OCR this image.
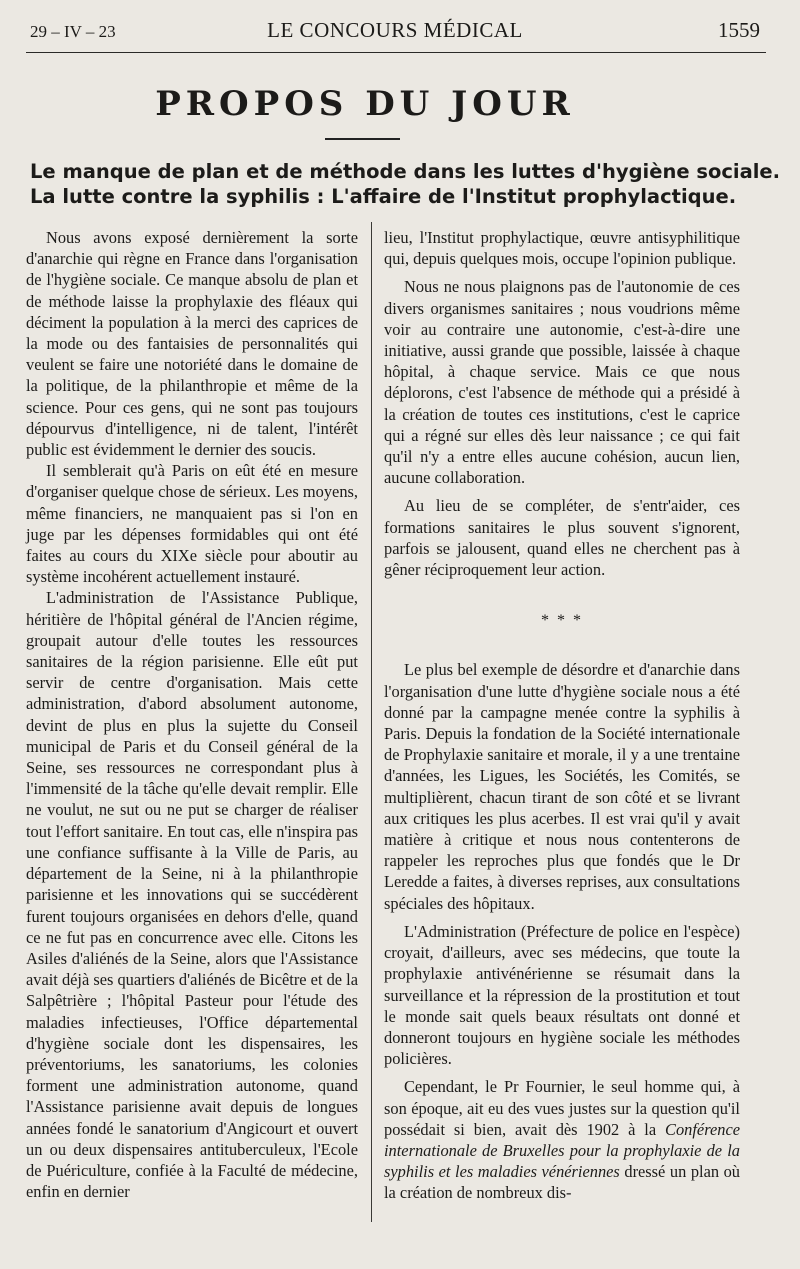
29 – IV – 23	LE CONCOURS MÉDICAL	1559
PROPOS DU JOUR
Le manque de plan et de méthode dans les luttes d'hygiène sociale.
La lutte contre la syphilis : L'affaire de l'Institut prophylactique.

Nous avons exposé dernièrement la sorte d'anarchie qui règne en France dans l'organisation de l'hygiène sociale. Ce manque absolu de plan et de méthode laisse la prophylaxie des fléaux qui déciment la population à la merci des caprices de la mode ou des fantaisies de personnalités qui veulent se faire une notoriété dans le domaine de la politique, de la philanthropie et même de la science. Pour ces gens, qui ne sont pas toujours dépourvus d'intelligence, ni de talent, l'intérêt public est évidemment le dernier des soucis.

Il semblerait qu'à Paris on eût été en mesure d'organiser quelque chose de sérieux. Les moyens, même financiers, ne manquaient pas si l'on en juge par les dépenses formidables qui ont été faites au cours du XIXe siècle pour aboutir au système incohérent actuellement instauré.

L'administration de l'Assistance Publique, héritière de l'hôpital général de l'Ancien régime, groupait autour d'elle toutes les ressources sanitaires de la région parisienne. Elle eût put servir de centre d'organisation. Mais cette administration, d'abord absolument autonome, devint de plus en plus la sujette du Conseil municipal de Paris et du Conseil général de la Seine, ses ressources ne correspondant plus à l'immensité de la tâche qu'elle devait remplir. Elle ne voulut, ne sut ou ne put se charger de réaliser tout l'effort sanitaire. En tout cas, elle n'inspira pas une confiance suffisante à la Ville de Paris, au département de la Seine, ni à la philanthropie parisienne et les innovations qui se succédèrent furent toujours organisées en dehors d'elle, quand ce ne fut pas en concurrence avec elle. Citons les Asiles d'aliénés de la Seine, alors que l'Assistance avait déjà ses quartiers d'aliénés de Bicêtre et de la Salpêtrière ; l'hôpital Pasteur pour l'étude des maladies infectieuses, l'Office départemental d'hygiène sociale dont les dispensaires, les préventoriums, les sanatoriums, les colonies forment une administration autonome, quand l'Assistance parisienne avait depuis de longues années fondé le sanatorium d'Angicourt et ouvert un ou deux dispensaires antituberculeux, l'Ecole de Puériculture, confiée à la Faculté de médecine, enfin en dernier

lieu, l'Institut prophylactique, œuvre antisyphilitique qui, depuis quelques mois, occupe l'opinion publique.

Nous ne nous plaignons pas de l'autonomie de ces divers organismes sanitaires ; nous voudrions même voir au contraire une autonomie, c'est-à-dire une initiative, aussi grande que possible, laissée à chaque hôpital, à chaque service. Mais ce que nous déplorons, c'est l'absence de méthode qui a présidé à la création de toutes ces institutions, c'est le caprice qui a régné sur elles dès leur naissance ; ce qui fait qu'il n'y a entre elles aucune cohésion, aucun lien, aucune collaboration.

Au lieu de se compléter, de s'entr'aider, ces formations sanitaires le plus souvent s'ignorent, parfois se jalousent, quand elles ne cherchent pas à gêner réciproquement leur action.

* * *

Le plus bel exemple de désordre et d'anarchie dans l'organisation d'une lutte d'hygiène sociale nous a été donné par la campagne menée contre la syphilis à Paris. Depuis la fondation de la Société internationale de Prophylaxie sanitaire et morale, il y a une trentaine d'années, les Ligues, les Sociétés, les Comités, se multiplièrent, chacun tirant de son côté et se livrant aux critiques les plus acerbes. Il est vrai qu'il y avait matière à critique et nous nous contenterons de rappeler les reproches plus que fondés que le Dr Leredde a faites, à diverses reprises, aux consultations spéciales des hôpitaux.

L'Administration (Préfecture de police en l'espèce) croyait, d'ailleurs, avec ses médecins, que toute la prophylaxie antivénérienne se résumait dans la surveillance et la répression de la prostitution et tout le monde sait quels beaux résultats ont donné et donneront toujours en hygiène sociale les méthodes policières.

Cependant, le Pr Fournier, le seul homme qui, à son époque, ait eu des vues justes sur la question qu'il possédait si bien, avait dès 1902 à la Conférence internationale de Bruxelles pour la prophylaxie de la syphilis et les maladies vénériennes dressé un plan où la création de nombreux dis-
